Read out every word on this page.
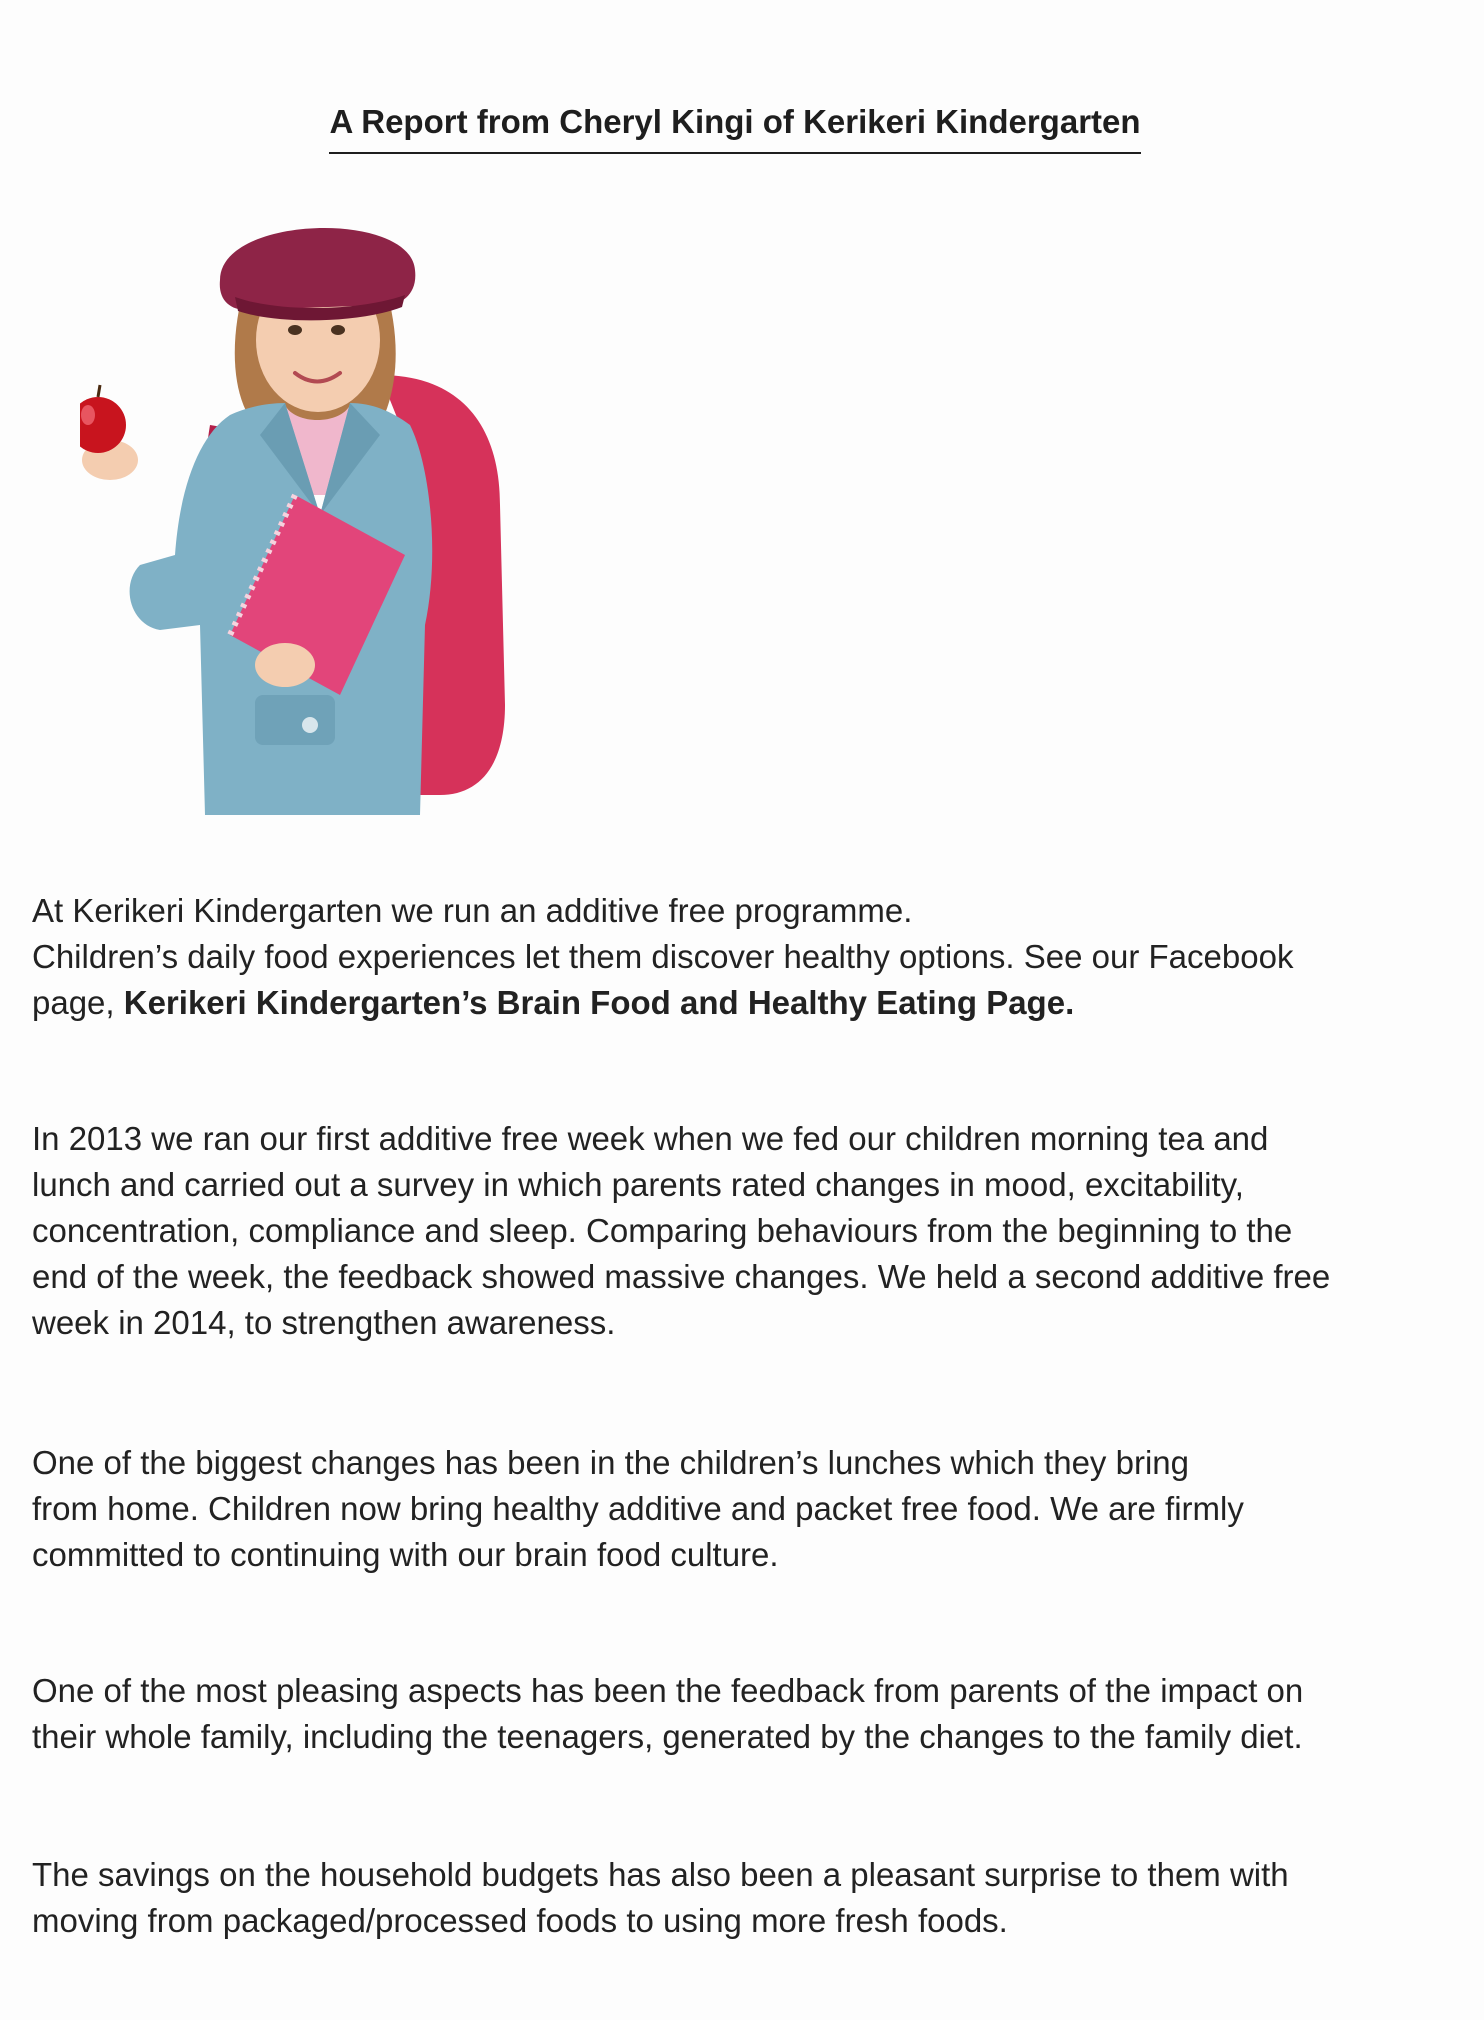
A Report from Cheryl Kingi of Kerikeri Kindergarten

At Kerikeri Kindergarten we run an additive free programme.

Children’s daily food experiences let them discover healthy options. See our Facebook

page, Kerikeri Kindergarten’s Brain Food and Healthy Eating Page.

In 2013 we ran our first additive free week when we fed our children morning tea and

lunch and carried out a survey in which parents rated changes in mood, excitability,

concentration, compliance and sleep. Comparing behaviours from the beginning to the

end of the week, the feedback showed massive changes. We held a second additive free

week in 2014, to strengthen awareness.

One of the biggest changes has been in the children’s lunches which they bring

from home. Children now bring healthy additive and packet free food. We are firmly

committed to continuing with our brain food culture.

One of the most pleasing aspects has been the feedback from parents of the impact on

their whole family, including the teenagers, generated by the changes to the family diet.

The savings on the household budgets has also been a pleasant surprise to them with

moving from packaged/processed foods to using more fresh foods.
